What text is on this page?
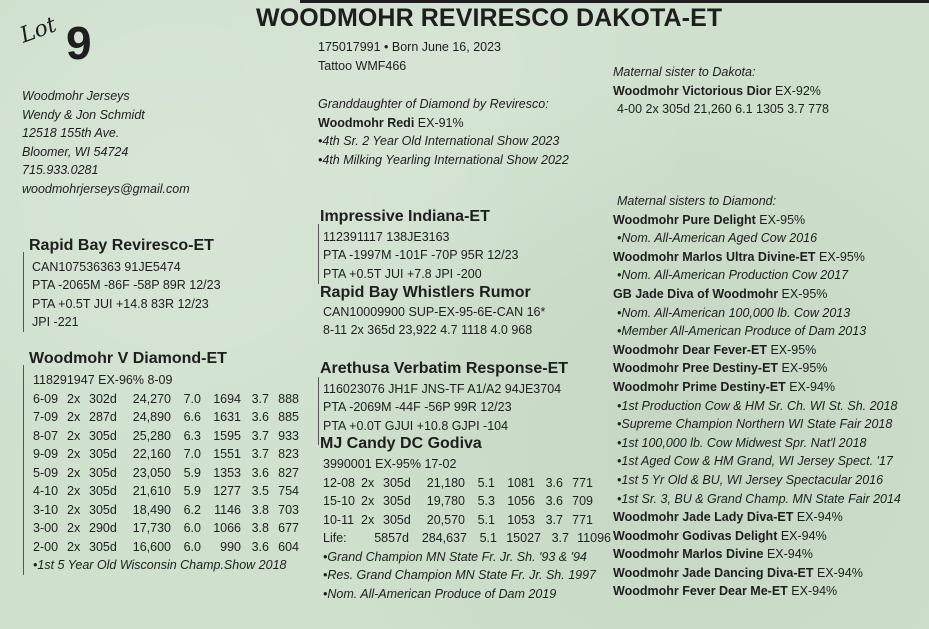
Lot 9	WOODMOHR REVIRESCO DAKOTA-ET
175017991 • Born June 16, 2023
Tattoo WMF466
Woodmohr Jerseys
Wendy & Jon Schmidt
12518 155th Ave.
Bloomer, WI 54724
715.933.0281
woodmohrjerseys@gmail.com
Granddaughter of Diamond by Reviresco:
Woodmohr Redi EX-91%
•4th Sr. 2 Year Old International Show 2023
•4th Milking Yearling International Show 2022
Maternal sister to Dakota:
Woodmohr Victorious Dior EX-92%
4-00 2x 305d 21,260 6.1 1305 3.7 778
Rapid Bay Reviresco-ET
CAN107536363 91JE5474
PTA -2065M -86F -58P 89R 12/23
PTA +0.5T JUI +14.8 83R 12/23
JPI -221
Woodmohr V Diamond-ET
118291947 EX-96% 8-09
6-09 2x 302d 24,270 7.0 1694 3.7 888
7-09 2x 287d 24,890 6.6 1631 3.6 885
8-07 2x 305d 25,280 6.3 1595 3.7 933
9-09 2x 305d 22,160 7.0 1551 3.7 823
5-09 2x 305d 23,050 5.9 1353 3.6 827
4-10 2x 305d 21,610 5.9 1277 3.5 754
3-10 2x 305d 18,490 6.2 1146 3.8 703
3-00 2x 290d 17,730 6.0 1066 3.8 677
2-00 2x 305d 16,600 6.0 990 3.6 604
•1st 5 Year Old Wisconsin Champ.Show 2018
Impressive Indiana-ET
112391117 138JE3163
PTA -1997M -101F -70P 95R 12/23
PTA +0.5T JUI +7.8 JPI -200
Rapid Bay Whistlers Rumor
CAN10009900 SUP-EX-95-6E-CAN 16*
8-11 2x 365d 23,922 4.7 1118 4.0 968
Arethusa Verbatim Response-ET
116023076 JH1F JNS-TF A1/A2 94JE3704
PTA -2069M -44F -56P 99R 12/23
PTA +0.0T GJUI +10.8 GJPI -104
MJ Candy DC Godiva
3990001 EX-95% 17-02
12-08 2x 305d 21,180 5.1 1081 3.6 771
15-10 2x 305d 19,780 5.3 1056 3.6 709
10-11 2x 305d 20,570 5.1 1053 3.7 771
Life: 5857d 284,637 5.1 15027 3.7 11096
•Grand Champion MN State Fr. Jr. Sh. '93 & '94
•Res. Grand Champion MN State Fr. Jr. Sh. 1997
•Nom. All-American Produce of Dam 2019
Maternal sisters to Diamond:
Woodmohr Pure Delight EX-95%
•Nom. All-American Aged Cow 2016
Woodmohr Marlos Ultra Divine-ET EX-95%
•Nom. All-American Production Cow 2017
GB Jade Diva of Woodmohr EX-95%
•Nom. All-American 100,000 lb. Cow 2013
•Member All-American Produce of Dam 2013
Woodmohr Dear Fever-ET EX-95%
Woodmohr Pree Destiny-ET EX-95%
Woodmohr Prime Destiny-ET EX-94%
•1st Production Cow & HM Sr. Ch. WI St. Sh. 2018
•Supreme Champion Northern WI State Fair 2018
•1st 100,000 lb. Cow Midwest Spr. Nat'l 2018
•1st Aged Cow & HM Grand, WI Jersey Spect. '17
•1st 5 Yr Old & BU, WI Jersey Spectacular 2016
•1st Sr. 3, BU & Grand Champ. MN State Fair 2014
Woodmohr Jade Lady Diva-ET EX-94%
Woodmohr Godivas Delight EX-94%
Woodmohr Marlos Divine EX-94%
Woodmohr Jade Dancing Diva-ET EX-94%
Woodmohr Fever Dear Me-ET EX-94%
